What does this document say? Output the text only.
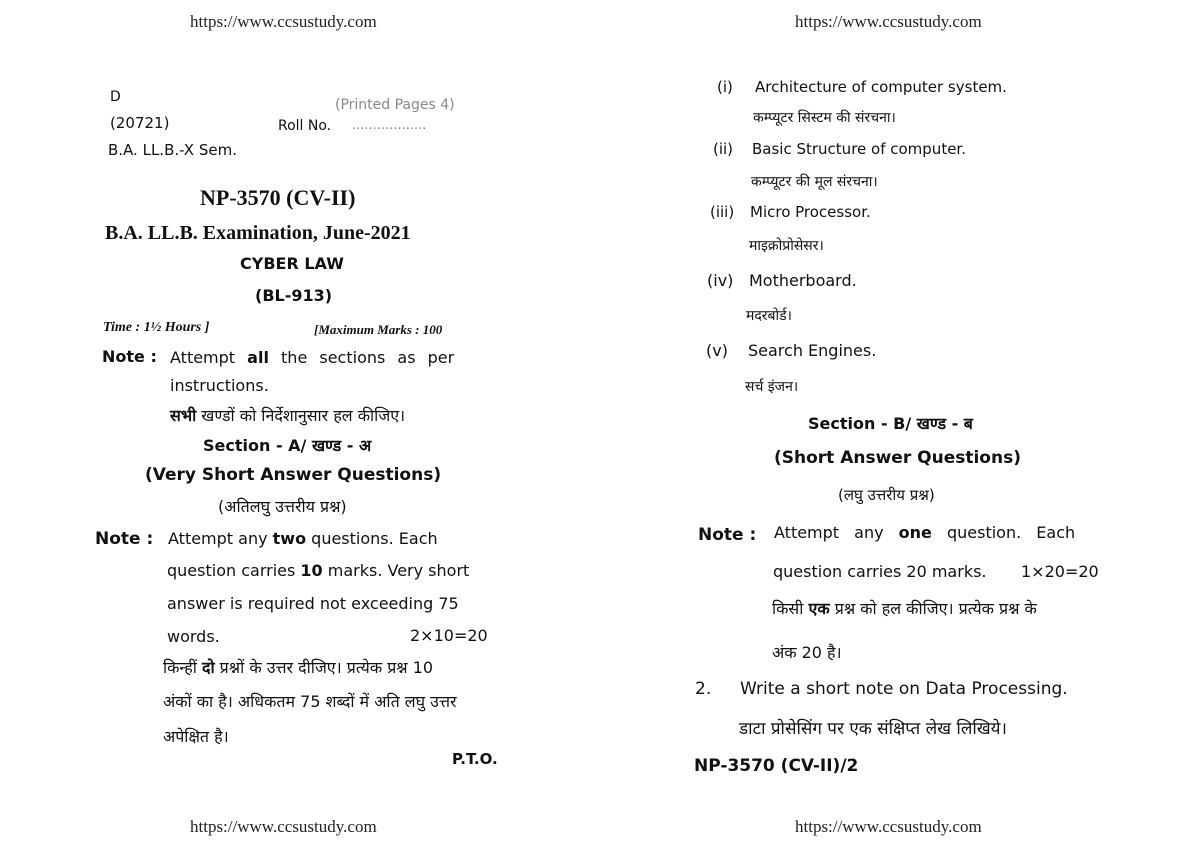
https://www.ccsustudy.com	https://www.ccsustudy.com
D	(Printed Pages 4)
(20721)	Roll No. ..................
B.A. LL.B.-X Sem.
NP-3570 (CV-II)
B.A. LL.B. Examination, June-2021
CYBER LAW
(BL-913)
Time : 1½ Hours ]	[Maximum Marks : 100
Note : Attempt all the sections as per
instructions.
सभी खण्डों को निर्देशानुसार हल कीजिए।
Section - A/ खण्ड - अ
(Very Short Answer Questions)
(अतिलघु उत्तरीय प्रश्न)
Note : Attempt any two questions. Each
question carries 10 marks. Very short
answer is required not exceeding 75
words.	2×10=20
किन्हीं दो प्रश्नों के उत्तर दीजिए। प्रत्येक प्रश्न 10
अंकों का है। अधिकतम 75 शब्दों में अति लघु उत्तर
अपेक्षित है।
P.T.O.
(i) Architecture of computer system.
कम्प्यूटर सिस्टम की संरचना।
(ii) Basic Structure of computer.
कम्प्यूटर की मूल संरचना।
(iii) Micro Processor.
माइक्रोप्रोसेसर।
(iv) Motherboard.
मदरबोर्ड।
(v) Search Engines.
सर्च इंजन।
Section - B/ खण्ड - ब
(Short Answer Questions)
(लघु उत्तरीय प्रश्न)
Note : Attempt any one question. Each
question carries 20 marks. 1×20=20
किसी एक प्रश्न को हल कीजिए। प्रत्येक प्रश्न के
अंक 20 है।
2. Write a short note on Data Processing.
डाटा प्रोसेसिंग पर एक संक्षिप्त लेख लिखिये।
NP-3570 (CV-II)/2
https://www.ccsustudy.com	https://www.ccsustudy.com
